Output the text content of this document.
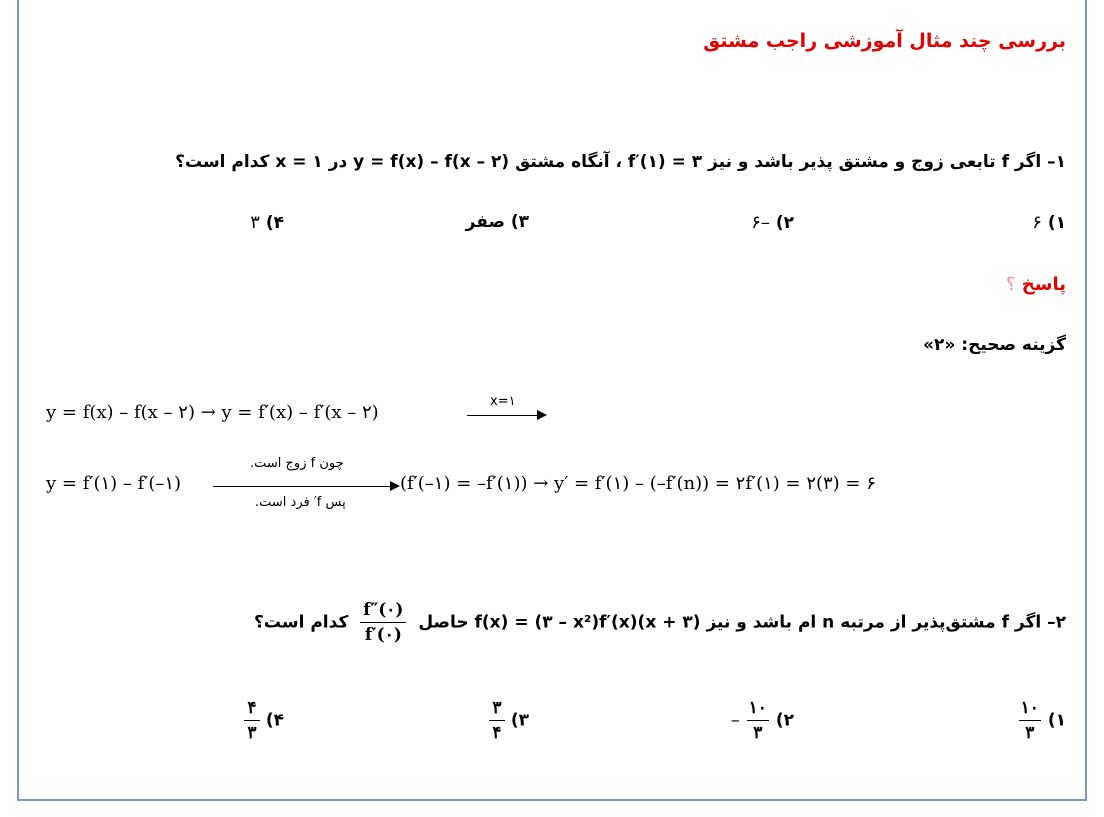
بررسی چند مثال آموزشی راجب مشتق
۱– اگر f تابعی زوج و مشتق پذیر باشد و نیز f′(۱) = ۳ ، آنگاه مشتق y = f(x) – f(x – ۲) در x = ۱ کدام است؟
۱) ۶
۲) –۶
۳) صفر
۴) ۳
پاسخ ؟
گزینه صحیح: «۲»
y = f(x) – f(x – ۲) → y = f′(x) – f′(x – ۲)
x=۱
y = f′(۱) – f′(–۱)
چون f زوج است.
پس f′ فرد است.
(f′(–۱) = –f′(۱)) → y′ = f′(۱) – (–f′(n)) = ۲f′(۱) = ۲(۳) = ۶
۲– اگر f مشتق‌پذیر از مرتبه n ام باشد و نیز (x + ۳)f(x) = (۳ – x²)f′(x) حاصل
$\frac{f''(۰)}{f'(۰)}$
کدام است؟
۱)
$\frac{۱۰}{۳}$
۲)
$\frac{۱۰}{۳}$
–
۳)
$\frac{۳}{۴}$
۴)
$\frac{۴}{۳}$
